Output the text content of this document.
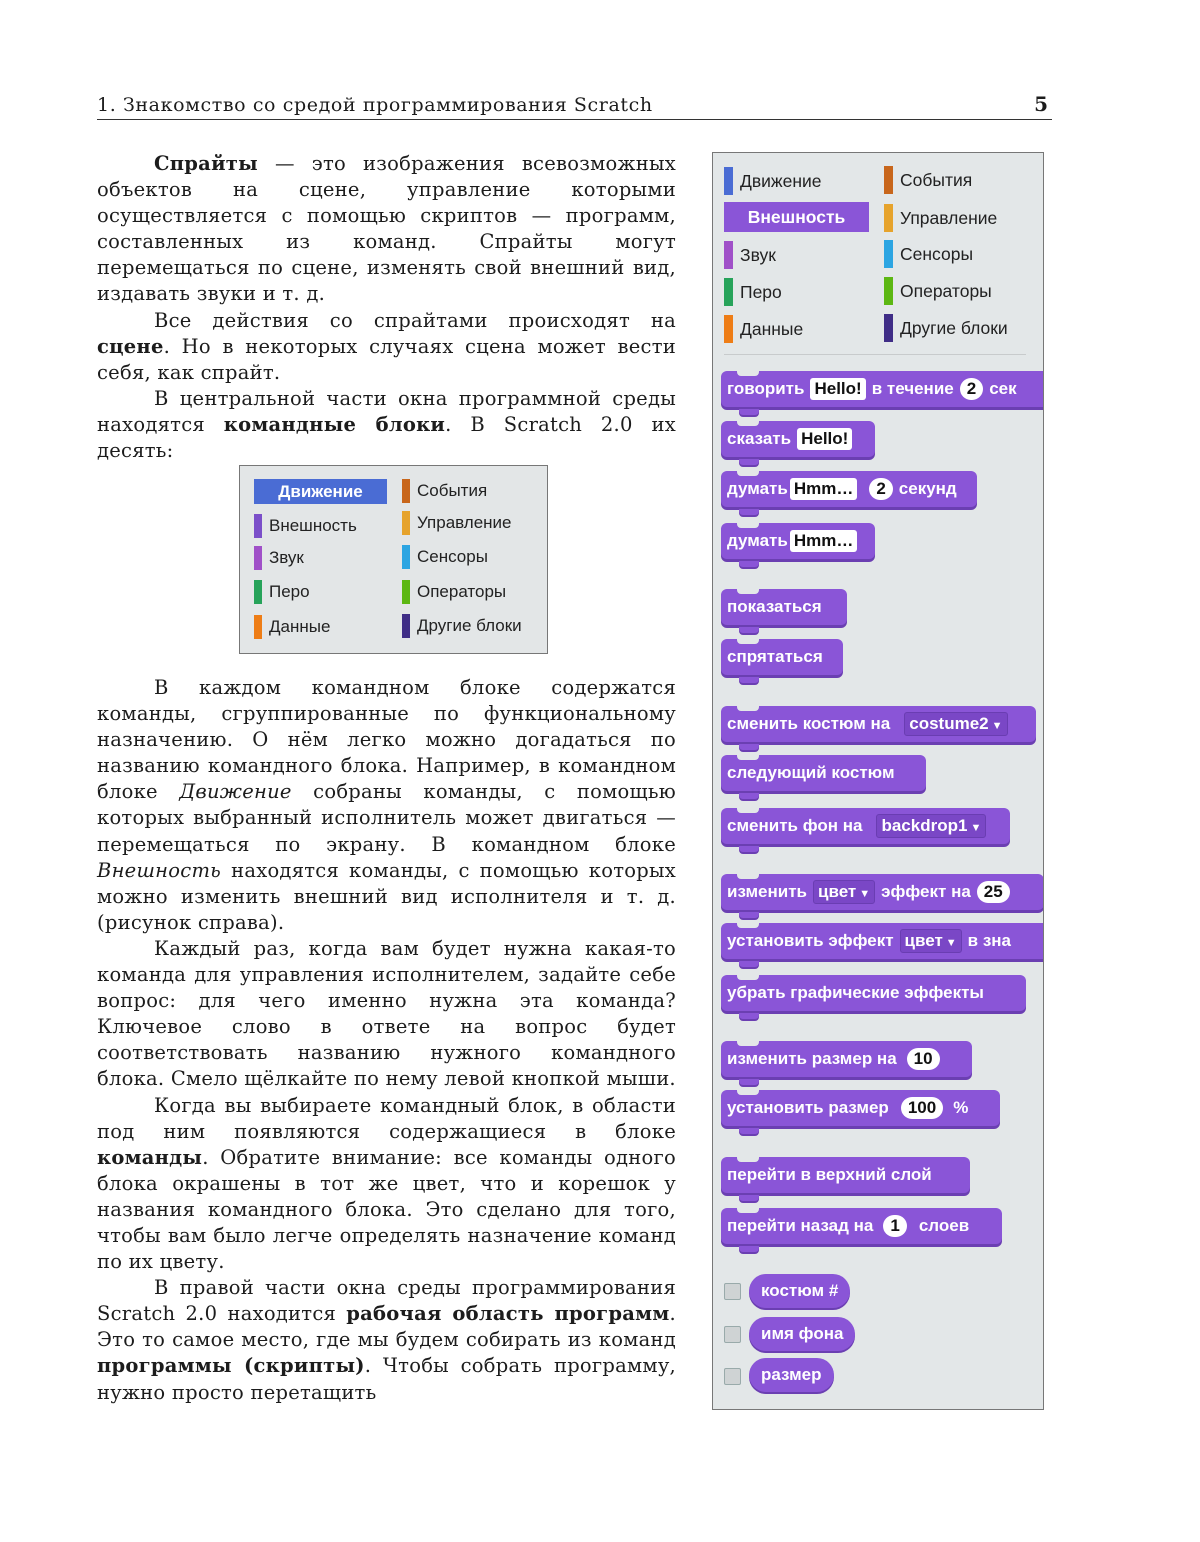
1. Знакомство со средой программирования Scratch	5

Спрайты — это изображения всевозможных объектов на сцене, управление которыми осуществляется с помощью скриптов — программ, составленных из команд. Спрайты могут перемещаться по сцене, изменять свой внешний вид, издавать звуки и т. д.

Все действия со спрайтами происходят на сцене. Но в некоторых случаях сцена может вести себя, как спрайт.

В центральной части окна программной среды находятся командные блоки. В Scratch 2.0 их десять:

Движение
Внешность
Звук
Перо
Данные
События
Управление
Сенсоры
Операторы
Другие блоки

В каждом командном блоке содержатся команды, сгруппированные по функциональному назначению. О нём легко можно догадаться по названию командного блока. Например, в командном блоке Движение собраны команды, с помощью которых выбранный исполнитель может двигаться — перемещаться по экрану. В командном блоке Внешность находятся команды, с помощью которых можно изменить внешний вид исполнителя и т. д. (рисунок справа).

Каждый раз, когда вам будет нужна какая-то команда для управления исполнителем, задайте себе вопрос: для чего именно нужна эта команда? Ключевое слово в ответе на вопрос будет соответствовать названию нужного командного блока. Смело щёлкайте по нему левой кнопкой мыши.

Когда вы выбираете командный блок, в области под ним появляются содержащиеся в блоке команды. Обратите внимание: все команды одного блока окрашены в тот же цвет, что и корешок у названия командного блока. Это сделано для того, чтобы вам было легче определять назначение команд по их цвету.

В правой части окна среды программирования Scratch 2.0 находится рабочая область программ. Это то самое место, где мы будем собирать из команд программы (скрипты). Чтобы собрать программу, нужно просто перетащить

Движение
Внешность
Звук
Перо
Данные
События
Управление
Сенсоры
Операторы
Другие блоки
говорить Hello! в течение 2 сек
сказать Hello!
думать Hmm…	2 секунд
думать Hmm…
показаться
спрятаться
сменить костюм на costume2 ▼
следующий костюм
сменить фон на backdrop1 ▼
изменить цвет ▼ эффект на 25
установить эффект цвет ▼ в зна
убрать графические эффекты
изменить размер на	10
установить размер	100	%
перейти в верхний слой
перейти назад на	1	слоев
костюм #
имя фона
размер
